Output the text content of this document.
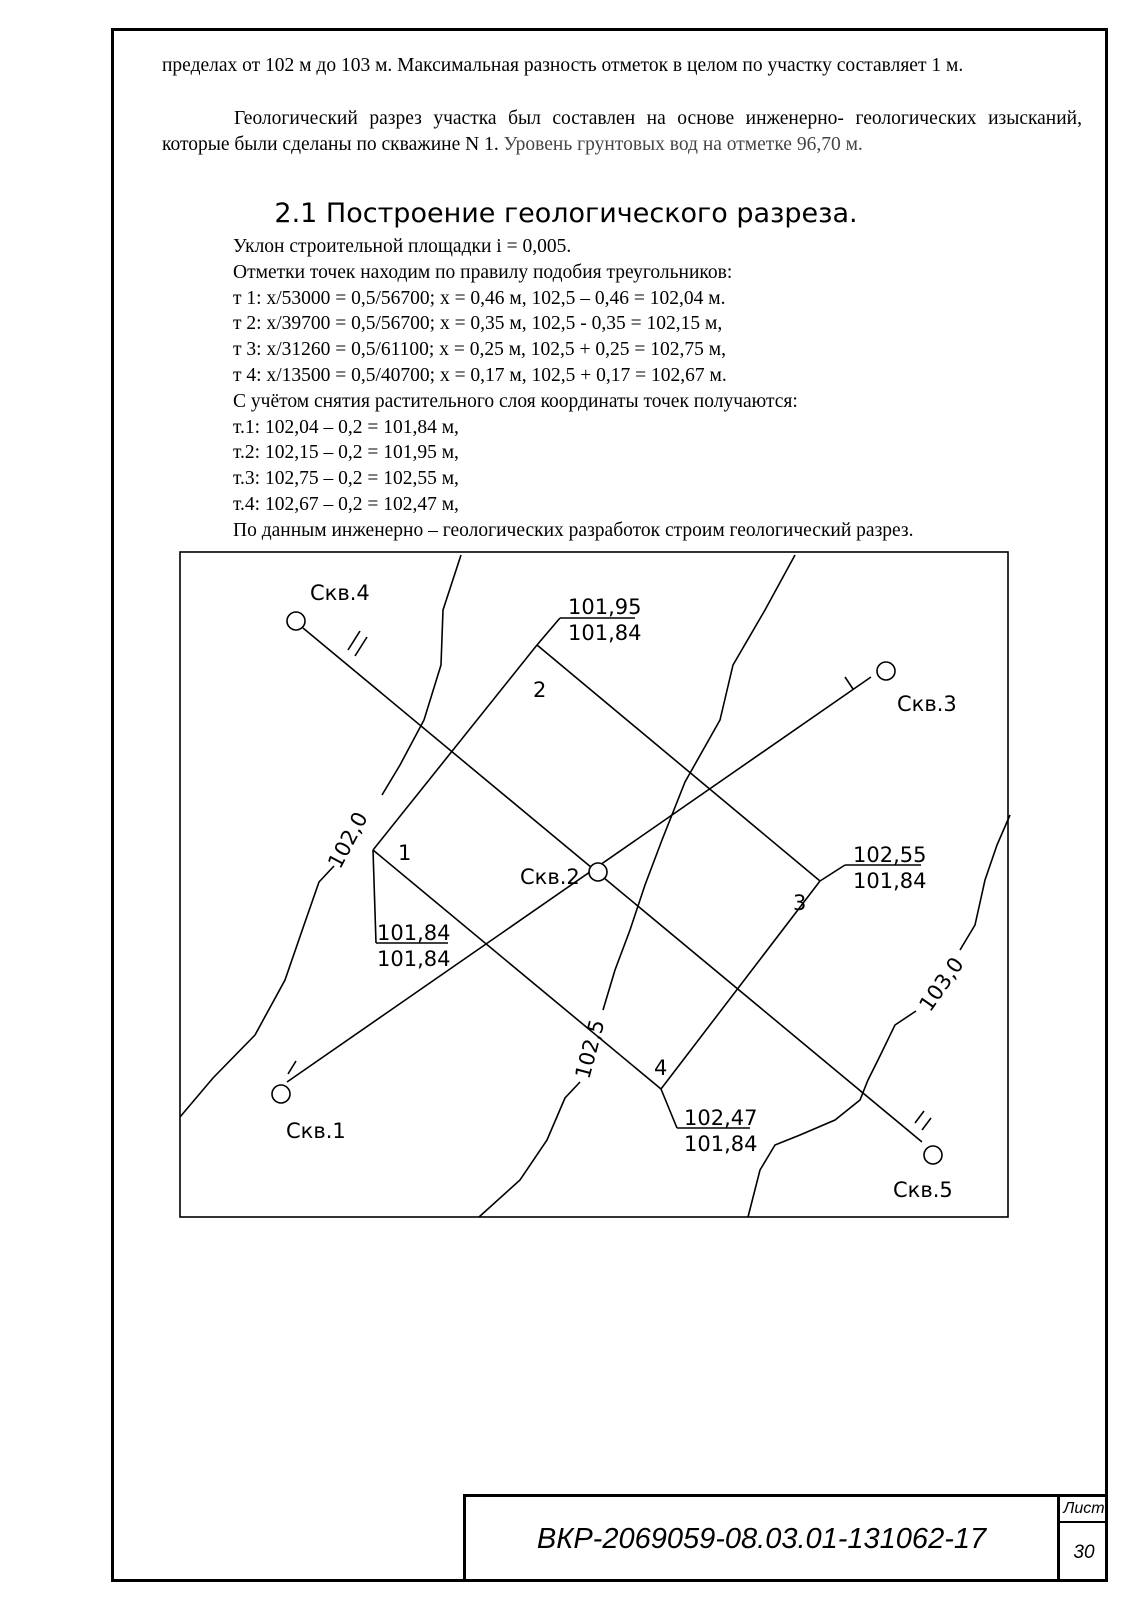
пределах от 102 м до 103 м. Максимальная разность отметок в целом по участку составляет 1 м.

Геологический разрез участка был составлен на основе инженерно- геологических изысканий, которые были сделаны по скважине N 1. Уровень грунтовых вод на отметке 96,70 м.

2.1 Построение геологического разреза.
Уклон строительной площадки i = 0,005.
Отметки точек находим по правилу подобия треугольников:
т 1: x/53000 = 0,5/56700; x = 0,46 м, 102,5 – 0,46 = 102,04 м.
т 2: x/39700 = 0,5/56700; x = 0,35 м, 102,5 - 0,35 = 102,15 м,
т 3: x/31260 = 0,5/61100; x = 0,25 м, 102,5 + 0,25 = 102,75 м,
т 4: x/13500 = 0,5/40700; x = 0,17 м, 102,5 + 0,17 = 102,67 м.
С учётом снятия растительного слоя координаты точек получаются:
т.1: 102,04 – 0,2 = 101,84 м,
т.2: 102,15 – 0,2 = 101,95 м,
т.3: 102,75 – 0,2 = 102,55 м,
т.4: 102,67 – 0,2 = 102,47 м,
По данным инженерно – геологических разработок строим геологический разрез.
Скв.4
Скв.3
Скв.2
Скв.1
Скв.5
1
2
3
4
101,95
101,84
102,55
101,84
101,84
101,84
102,47
101,84
102,0
102,5
103,0
ВКР-2069059-08.03.01-131062-17
Лист
30
